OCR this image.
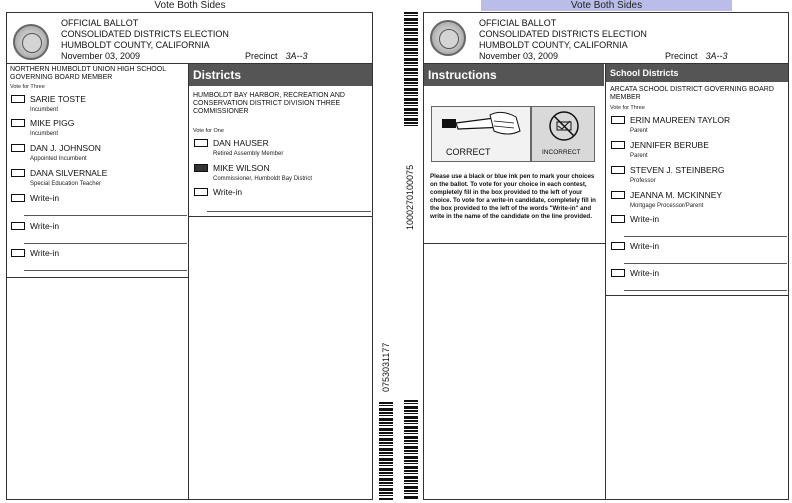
Vote Both Sides
OFFICIAL BALLOT
CONSOLIDATED DISTRICTS ELECTION
HUMBOLDT COUNTY, CALIFORNIA
November 03, 2009	Precinct 3A--3
NORTHERN HUMBOLDT UNION HIGH SCHOOL GOVERNING BOARD MEMBER
Vote for Three
SARIE TOSTE
Incumbent
MIKE PIGG
Incumbent
DAN J. JOHNSON
Appointed Incumbent
DANA SILVERNALE
Special Education Teacher
Write-in
Write-in
Write-in
Districts
HUMBOLDT BAY HARBOR, RECREATION AND CONSERVATION DISTRICT DIVISION THREE COMMISSIONER
Vote for One
DAN HAUSER
Retired Assembly Member
MIKE WILSON
Commissioner, Humboldt Bay District
Write-in
0753031177
1000270100075
Vote Both Sides
OFFICIAL BALLOT
CONSOLIDATED DISTRICTS ELECTION
HUMBOLDT COUNTY, CALIFORNIA
November 03, 2009	Precinct 3A--3
Instructions
CORRECT	INCORRECT
Please use a black or blue ink pen to mark your choices on the ballot. To vote for your choice in each contest, completely fill in the box provided to the left of your choice. To vote for a write-in candidate, completely fill in the box provided to the left of the words "Write-in" and write in the name of the candidate on the line provided.
School Districts
ARCATA SCHOOL DISTRICT GOVERNING BOARD MEMBER
Vote for Three
ERIN MAUREEN TAYLOR
Parent
JENNIFER BERUBE
Parent
STEVEN J. STEINBERG
Professor
JEANNA M. MCKINNEY
Mortgage Processor/Parent
Write-in
Write-in
Write-in
